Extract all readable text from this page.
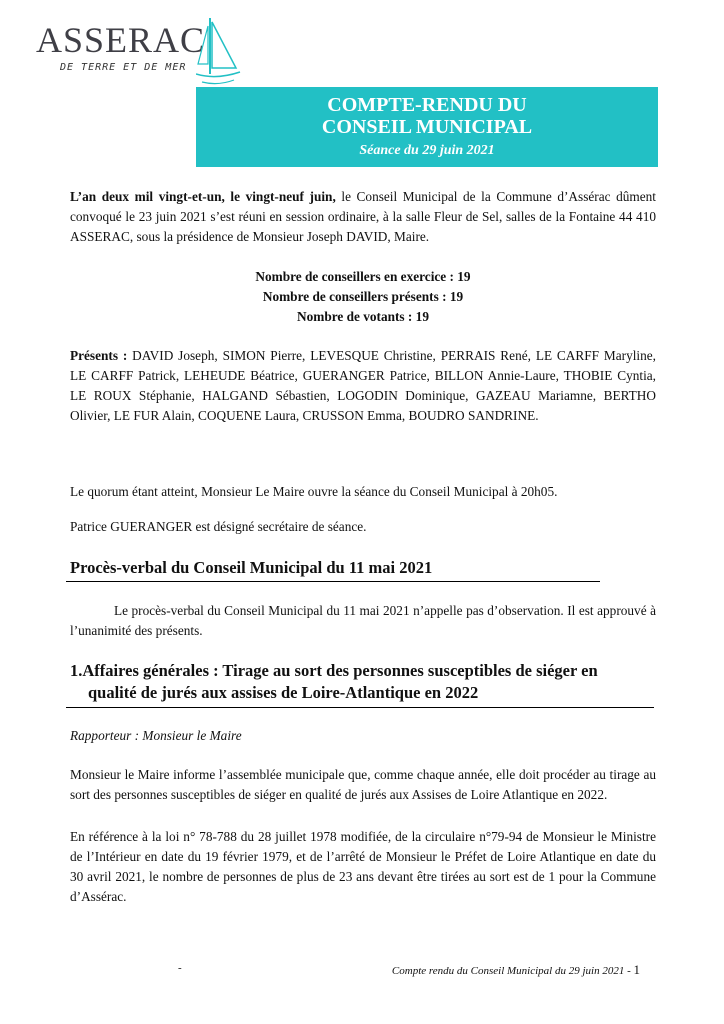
ASSERAC
DE TERRE ET DE MER
COMPTE-RENDU DU
CONSEIL MUNICIPAL
Séance du 29 juin 2021
L’an deux mil vingt-et-un, le vingt-neuf juin, le Conseil Municipal de la Commune d’Assérac dûment convoqué le 23 juin 2021 s’est réuni en session ordinaire, à la salle Fleur de Sel, salles de la Fontaine 44 410 ASSERAC, sous la présidence de Monsieur Joseph DAVID, Maire.
Nombre de conseillers en exercice : 19
Nombre de conseillers présents : 19
Nombre de votants : 19
Présents : DAVID Joseph, SIMON Pierre, LEVESQUE Christine, PERRAIS René, LE CARFF Maryline, LE CARFF Patrick, LEHEUDE Béatrice, GUERANGER Patrice, BILLON Annie-Laure, THOBIE Cyntia, LE ROUX Stéphanie, HALGAND Sébastien, LOGODIN Dominique, GAZEAU Mariamne, BERTHO Olivier, LE FUR Alain, COQUENE Laura, CRUSSON Emma, BOUDRO SANDRINE.
Le quorum étant atteint, Monsieur Le Maire ouvre la séance du Conseil Municipal à 20h05.
Patrice GUERANGER est désigné secrétaire de séance.
Procès-verbal du Conseil Municipal du 11 mai 2021
Le procès-verbal du Conseil Municipal du 11 mai 2021 n’appelle pas d’observation. Il est approuvé à l’unanimité des présents.
1.Affaires générales : Tirage au sort des personnes susceptibles de siéger en
qualité de jurés aux assises de Loire-Atlantique en 2022
Rapporteur : Monsieur le Maire
Monsieur le Maire informe l’assemblée municipale que, comme chaque année, elle doit procéder au tirage au sort des personnes susceptibles de siéger en qualité de jurés aux Assises de Loire Atlantique en 2022.
En référence à la loi n° 78-788 du 28 juillet 1978 modifiée, de la circulaire n°79-94 de Monsieur le Ministre de l’Intérieur en date du 19 février 1979, et de l’arrêté de Monsieur le Préfet de Loire Atlantique en date du 30 avril 2021, le nombre de personnes de plus de 23 ans devant être tirées au sort est de 1 pour la Commune d’Assérac.
-	Compte rendu du Conseil Municipal du 29 juin 2021 - 1
